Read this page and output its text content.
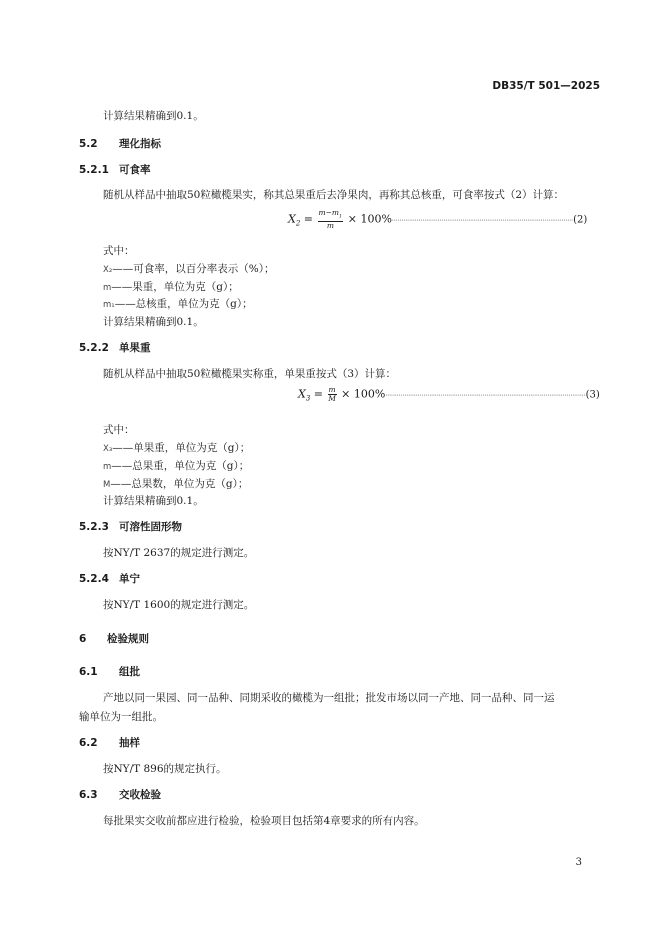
DB35/T 501—2025
计算结果精确到0.1。
5.2 理化指标
5.2.1 可食率
随机从样品中抽取50粒橄榄果实，称其总果重后去净果肉，再称其总核重，可食率按式（2）计算：
$X_2 = \frac{m-m_1}{m} \times 100\%\cdot\cdot\cdot\cdot\cdot\cdot\cdot\cdot\cdot\cdot\cdot\cdot\cdot\cdot\cdot\cdot\cdot\cdot\cdot\cdot\cdot\cdot\cdot\cdot\cdot\cdot\cdot\cdot\cdot\cdot\cdot\cdot\cdot\cdot\cdot\cdot\cdot\cdot\cdot\cdot\cdot\cdot\cdot\cdot\cdot\cdot\cdot\cdot\cdot\cdot\cdot\cdot\cdot\cdot\cdot\cdot\cdot\cdot\cdot\cdot\cdot\cdot\cdot\cdot\cdot\cdot\cdot\cdot\cdot\cdot\cdot\cdot\cdot\cdot\cdot\cdot\cdot\cdot\cdot\cdot\cdot\cdot\cdot\cdot\cdot\cdot\cdot\cdot\cdot\cdot\cdot\cdot\cdot\cdot\cdot(2)$
式中：
X₂——可食率，以百分率表示（%）；
m——果重，单位为克（g）；
m₁——总核重，单位为克（g）；
计算结果精确到0.1。
5.2.2 单果重
随机从样品中抽取50粒橄榄果实称重，单果重按式（3）计算：
$X_3 = \frac{m}{M} \times 100\%\cdot\cdot\cdot\cdot\cdot\cdot\cdot\cdot\cdot\cdot\cdot\cdot\cdot\cdot\cdot\cdot\cdot\cdot\cdot\cdot\cdot\cdot\cdot\cdot\cdot\cdot\cdot\cdot\cdot\cdot\cdot\cdot\cdot\cdot\cdot\cdot\cdot\cdot\cdot\cdot\cdot\cdot\cdot\cdot\cdot\cdot\cdot\cdot\cdot\cdot\cdot\cdot\cdot\cdot\cdot\cdot\cdot\cdot\cdot\cdot\cdot\cdot\cdot\cdot\cdot\cdot\cdot\cdot\cdot\cdot\cdot\cdot\cdot\cdot\cdot\cdot\cdot\cdot\cdot\cdot\cdot\cdot\cdot\cdot\cdot\cdot\cdot\cdot\cdot\cdot\cdot\cdot\cdot\cdot\cdot\cdot\cdot\cdot\cdot\cdot\cdot\cdot\cdot\cdot\cdot(3)$
式中：
X₃——单果重，单位为克（g）；
m——总果重，单位为克（g）；
M——总果数，单位为克（g）；
计算结果精确到0.1。
5.2.3 可溶性固形物
按NY/T 2637的规定进行测定。
5.2.4 单宁
按NY/T 1600的规定进行测定。
6 检验规则
6.1 组批
产地以同一果园、同一品种、同期采收的橄榄为一组批；批发市场以同一产地、同一品种、同一运
输单位为一组批。
6.2 抽样
按NY/T 896的规定执行。
6.3 交收检验
每批果实交收前都应进行检验，检验项目包括第4章要求的所有内容。
3
